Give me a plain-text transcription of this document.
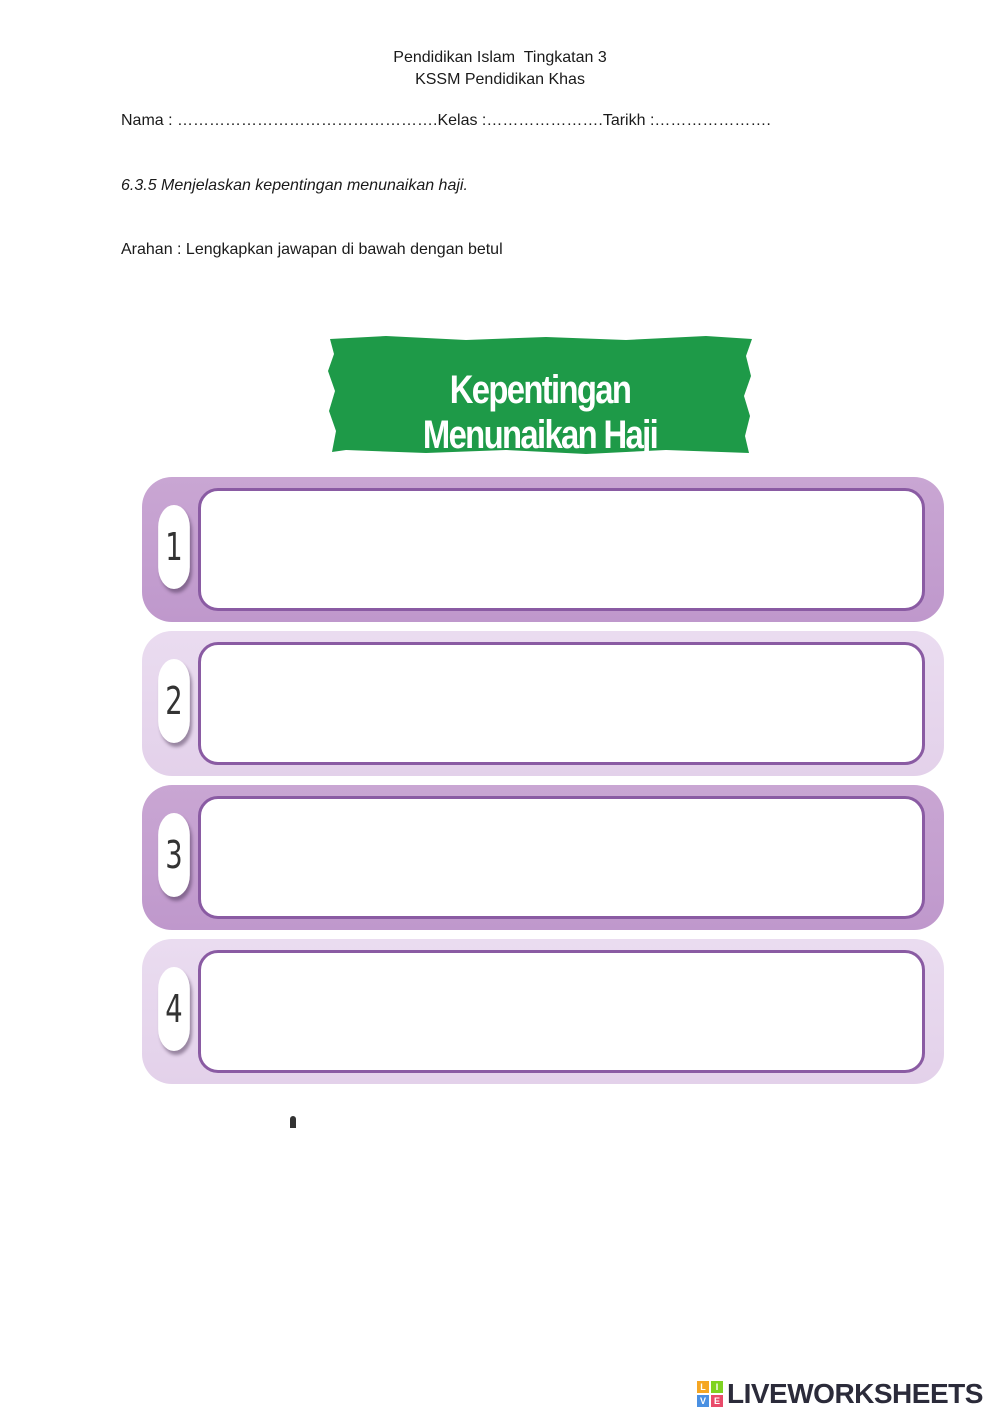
Pendidikan Islam  Tingkatan 3
KSSM Pendidikan Khas
Nama : ………………………………………….Kelas :………………….Tarikh :………………….
6.3.5 Menjelaskan kepentingan menunaikan haji.
Arahan : Lengkapkan jawapan di bawah dengan betul
Kepentingan Menunaikan Haji
1
2
3
4
L	I
V E LIVEWORKSHEETS
